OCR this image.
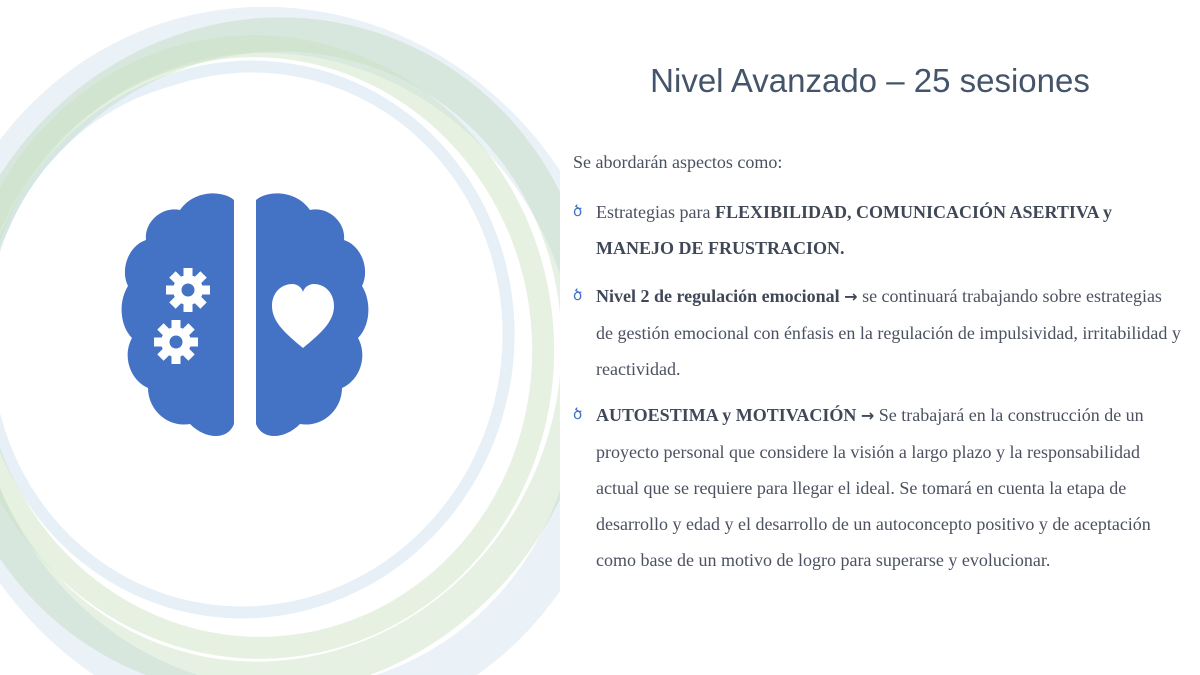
Nivel Avanzado – 25 sesiones
Se abordarán aspectos como:
ծ Estrategias para FLEXIBILIDAD, COMUNICACIÓN ASERTIVA y MANEJO DE FRUSTRACION.
ծ Nivel 2 de regulación emocional → se continuará trabajando sobre estrategias de gestión emocional con énfasis en la regulación de impulsividad, irritabilidad y reactividad.
ծ AUTOESTIMA y MOTIVACIÓN → Se trabajará en la construcción de un proyecto personal que considere la visión a largo plazo y la responsabilidad actual que se requiere para llegar el ideal. Se tomará en cuenta la etapa de desarrollo y edad y el desarrollo de un autoconcepto positivo y de aceptación como base de un motivo de logro para superarse y evolucionar.
